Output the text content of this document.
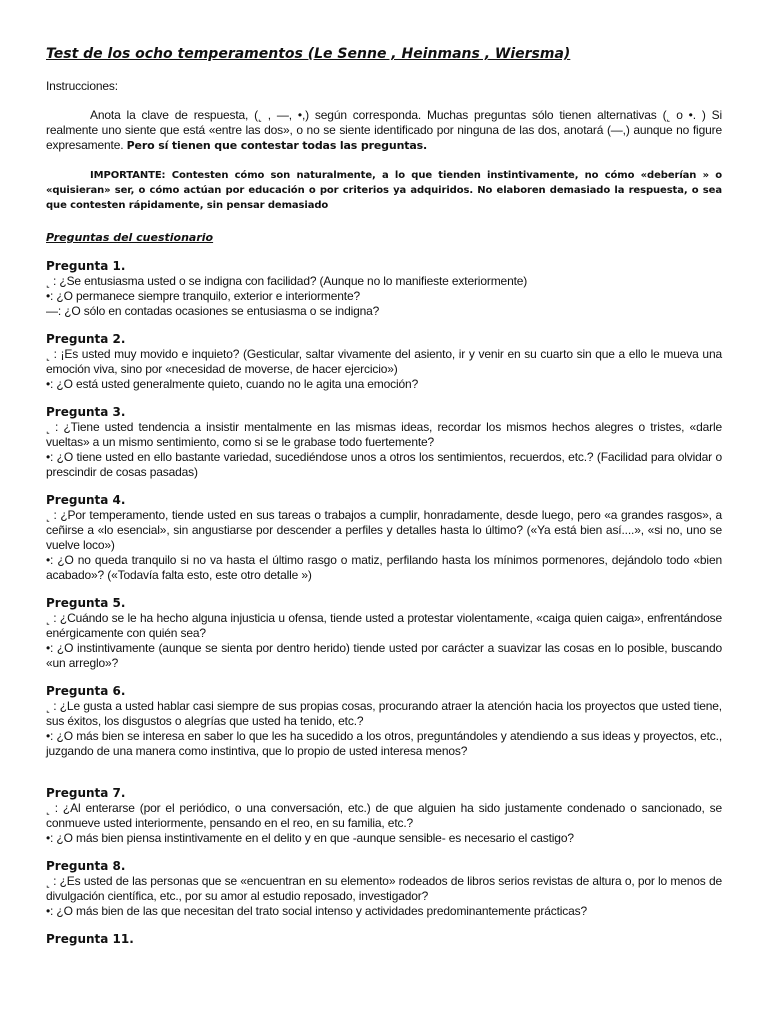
Test de los ocho temperamentos (Le Senne , Heinmans , Wiersma)

Instrucciones:

Anota la clave de respuesta, (˻ , —, •,) según corresponda. Muchas preguntas sólo tienen alternativas (˻ o •. ) Si realmente uno siente que está «entre las dos», o no se siente identificado por ninguna de las dos, anotará (—,) aunque no figure expresamente. Pero sí tienen que contestar todas las preguntas.

IMPORTANTE: Contesten cómo son naturalmente, a lo que tienden instintivamente, no cómo «deberían » o «quisieran» ser, o cómo actúan por educación o por criterios ya adquiridos. No elaboren demasiado la respuesta, o sea que contesten rápidamente, sin pensar demasiado

Preguntas del cuestionario

Pregunta 1.

˻ : ¿Se entusiasma usted o se indigna con facilidad? (Aunque no lo manifieste exteriormente)

•: ¿O permanece siempre tranquilo, exterior e interiormente?

—: ¿O sólo en contadas ocasiones se entusiasma o se indigna?

Pregunta 2.

˻ : ¡Es usted muy movido e inquieto? (Gesticular, saltar vivamente del asiento, ir y venir en su cuarto sin que a ello le mueva una emoción viva, sino por «necesidad de moverse, de hacer ejercicio»)

•: ¿O está usted generalmente quieto, cuando no le agita una emoción?

Pregunta 3.

˻ : ¿Tiene usted tendencia a insistir mentalmente en las mismas ideas, recordar los mismos hechos alegres o tristes, «darle vueltas» a un mismo sentimiento, como si se le grabase todo fuertemente?

•: ¿O tiene usted en ello bastante variedad, sucediéndose unos a otros los sentimientos, recuerdos, etc.? (Facilidad para olvidar o prescindir de cosas pasadas)

Pregunta 4.

˻ : ¿Por temperamento, tiende usted en sus tareas o trabajos a cumplir, honradamente, desde luego, pero «a grandes rasgos», a ceñirse a «lo esencial», sin angustiarse por descender a perfiles y detalles hasta lo último? («Ya está bien así....», «si no, uno se vuelve loco»)

•: ¿O no queda tranquilo si no va hasta el último rasgo o matiz, perfilando hasta los mínimos pormenores, dejándolo todo «bien acabado»? («Todavía falta esto, este otro detalle »)

Pregunta 5.

˻ : ¿Cuándo se le ha hecho alguna injusticia u ofensa, tiende usted a protestar violentamente, «caiga quien caiga», enfrentándose enérgicamente con quién sea?

•: ¿O instintivamente (aunque se sienta por dentro herido) tiende usted por carácter a suavizar las cosas en lo posible, buscando «un arreglo»?

Pregunta 6.

˻ : ¿Le gusta a usted hablar casi siempre de sus propias cosas, procurando atraer la atención hacia los proyectos que usted tiene, sus éxitos, los disgustos o alegrías que usted ha tenido, etc.?

•: ¿O más bien se interesa en saber lo que les ha sucedido a los otros, preguntándoles y atendiendo a sus ideas y proyectos, etc., juzgando de una manera como instintiva, que lo propio de usted interesa menos?

Pregunta 7.

˻ : ¿Al enterarse (por el periódico, o una conversación, etc.) de que alguien ha sido justamente condenado o sancionado, se conmueve usted interiormente, pensando en el reo, en su familia, etc.?

•: ¿O más bien piensa instintivamente en el delito y en que -aunque sensible- es necesario el castigo?

Pregunta 8.

˻ : ¿Es usted de las personas que se «encuentran en su elemento» rodeados de libros serios revistas de altura o, por lo menos de divulgación científica, etc., por su amor al estudio reposado, investigador?

•: ¿O más bien de las que necesitan del trato social intenso y actividades predominantemente prácticas?

Pregunta 11.
